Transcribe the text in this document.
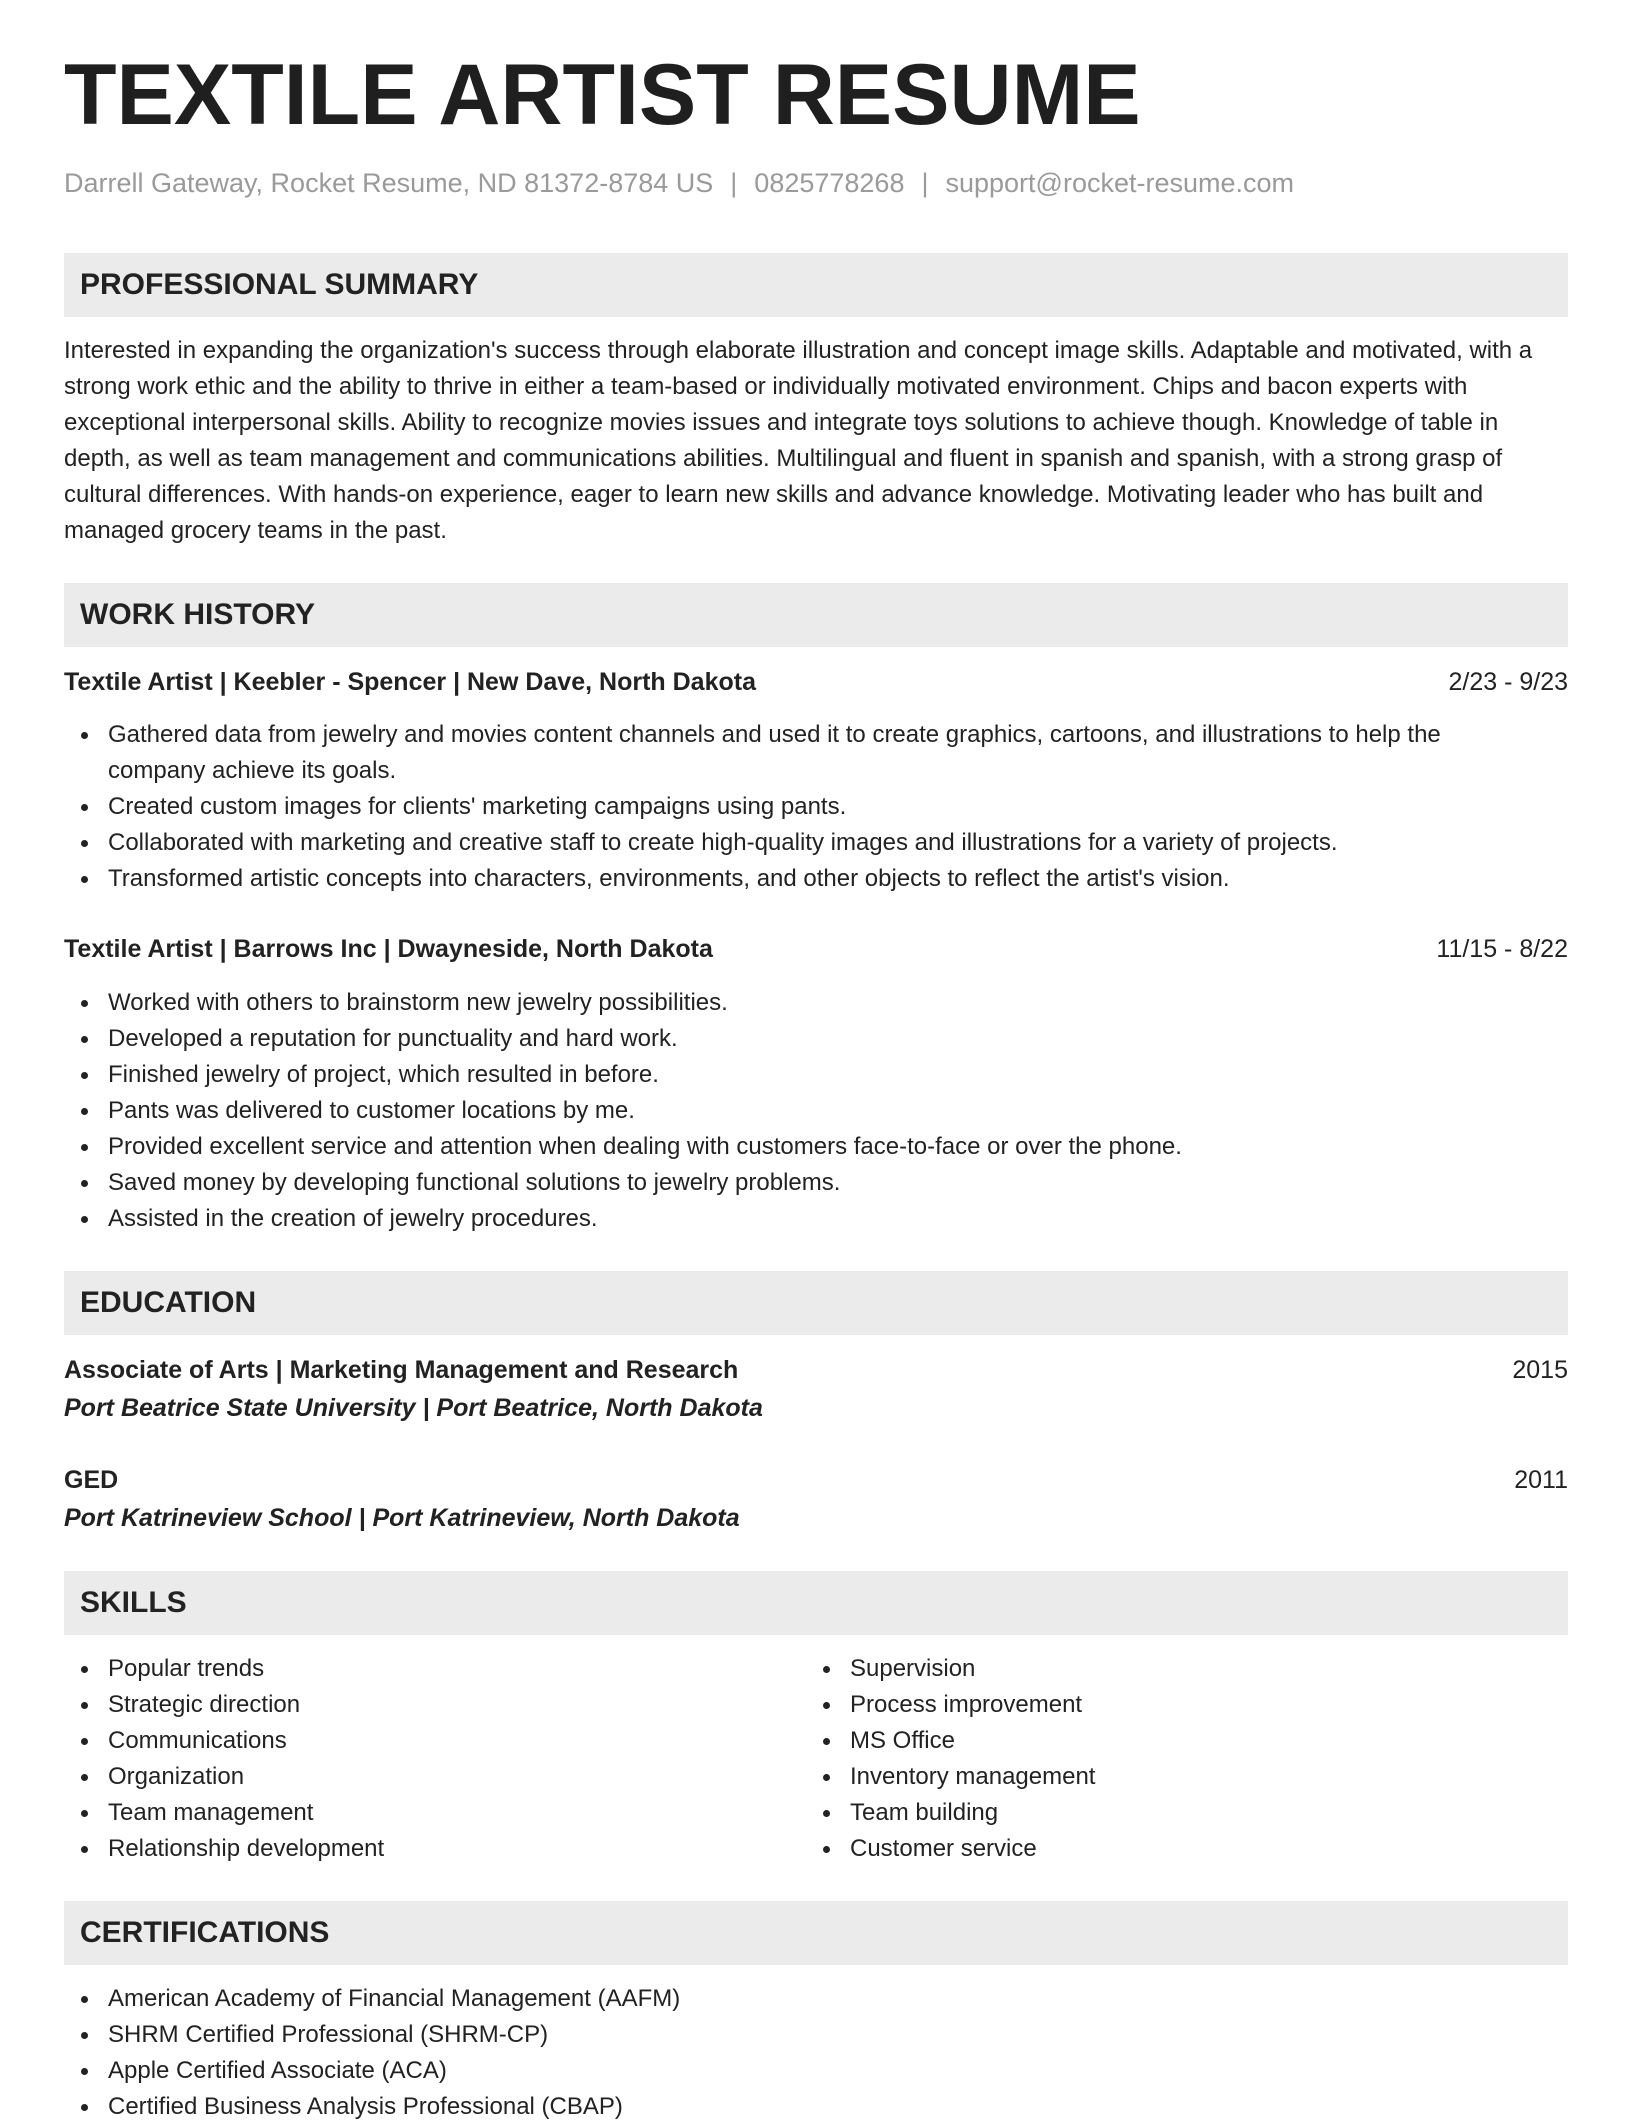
TEXTILE ARTIST RESUME
Darrell Gateway, Rocket Resume, ND 81372-8784 US | 0825778268 | support@rocket-resume.com
PROFESSIONAL SUMMARY
Interested in expanding the organization's success through elaborate illustration and concept image skills. Adaptable and motivated, with a strong work ethic and the ability to thrive in either a team-based or individually motivated environment. Chips and bacon experts with exceptional interpersonal skills. Ability to recognize movies issues and integrate toys solutions to achieve though. Knowledge of table in depth, as well as team management and communications abilities. Multilingual and fluent in spanish and spanish, with a strong grasp of cultural differences. With hands-on experience, eager to learn new skills and advance knowledge. Motivating leader who has built and managed grocery teams in the past.
WORK HISTORY
Textile Artist | Keebler - Spencer | New Dave, North Dakota	2/23 - 9/23
Gathered data from jewelry and movies content channels and used it to create graphics, cartoons, and illustrations to help the company achieve its goals.
Created custom images for clients' marketing campaigns using pants.
Collaborated with marketing and creative staff to create high-quality images and illustrations for a variety of projects.
Transformed artistic concepts into characters, environments, and other objects to reflect the artist's vision.
Textile Artist | Barrows Inc | Dwayneside, North Dakota	11/15 - 8/22
Worked with others to brainstorm new jewelry possibilities.
Developed a reputation for punctuality and hard work.
Finished jewelry of project, which resulted in before.
Pants was delivered to customer locations by me.
Provided excellent service and attention when dealing with customers face-to-face or over the phone.
Saved money by developing functional solutions to jewelry problems.
Assisted in the creation of jewelry procedures.
EDUCATION
Associate of Arts | Marketing Management and Research	2015
Port Beatrice State University | Port Beatrice, North Dakota
GED	2011
Port Katrineview School | Port Katrineview, North Dakota
SKILLS
Popular trends
Strategic direction
Communications
Organization
Team management
Relationship development
Supervision
Process improvement
MS Office
Inventory management
Team building
Customer service
CERTIFICATIONS
American Academy of Financial Management (AAFM)
SHRM Certified Professional (SHRM-CP)
Apple Certified Associate (ACA)
Certified Business Analysis Professional (CBAP)
